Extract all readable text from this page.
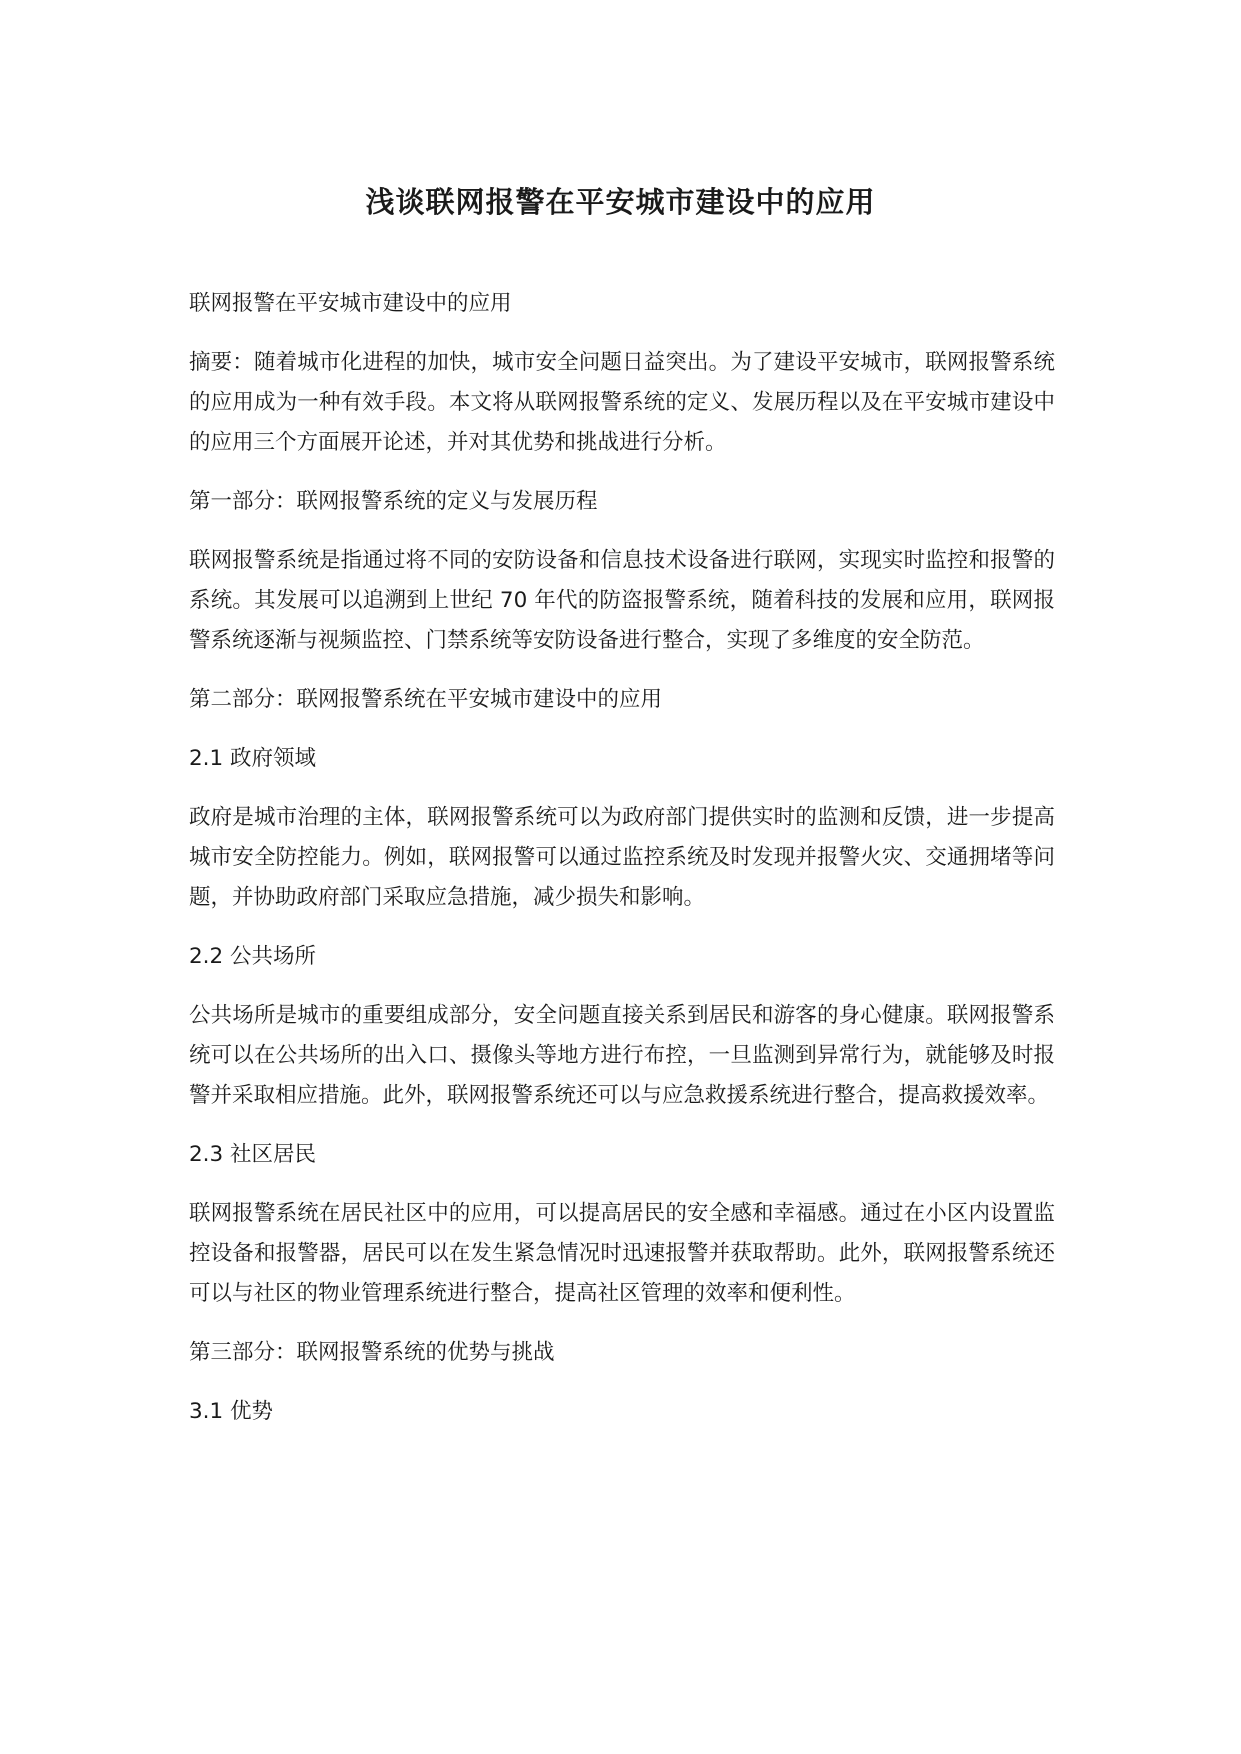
浅谈联网报警在平安城市建设中的应用

联网报警在平安城市建设中的应用

摘要：随着城市化进程的加快，城市安全问题日益突出。为了建设平安城市，联网报警系统的应用成为一种有效手段。本文将从联网报警系统的定义、发展历程以及在平安城市建设中的应用三个方面展开论述，并对其优势和挑战进行分析。

第一部分：联网报警系统的定义与发展历程

联网报警系统是指通过将不同的安防设备和信息技术设备进行联网，实现实时监控和报警的系统。其发展可以追溯到上世纪 70 年代的防盗报警系统，随着科技的发展和应用，联网报警系统逐渐与视频监控、门禁系统等安防设备进行整合，实现了多维度的安全防范。

第二部分：联网报警系统在平安城市建设中的应用

2.1 政府领域

政府是城市治理的主体，联网报警系统可以为政府部门提供实时的监测和反馈，进一步提高城市安全防控能力。例如，联网报警可以通过监控系统及时发现并报警火灾、交通拥堵等问题，并协助政府部门采取应急措施，减少损失和影响。

2.2 公共场所

公共场所是城市的重要组成部分，安全问题直接关系到居民和游客的身心健康。联网报警系统可以在公共场所的出入口、摄像头等地方进行布控，一旦监测到异常行为，就能够及时报警并采取相应措施。此外，联网报警系统还可以与应急救援系统进行整合，提高救援效率。

2.3 社区居民

联网报警系统在居民社区中的应用，可以提高居民的安全感和幸福感。通过在小区内设置监控设备和报警器，居民可以在发生紧急情况时迅速报警并获取帮助。此外，联网报警系统还可以与社区的物业管理系统进行整合，提高社区管理的效率和便利性。

第三部分：联网报警系统的优势与挑战

3.1 优势
